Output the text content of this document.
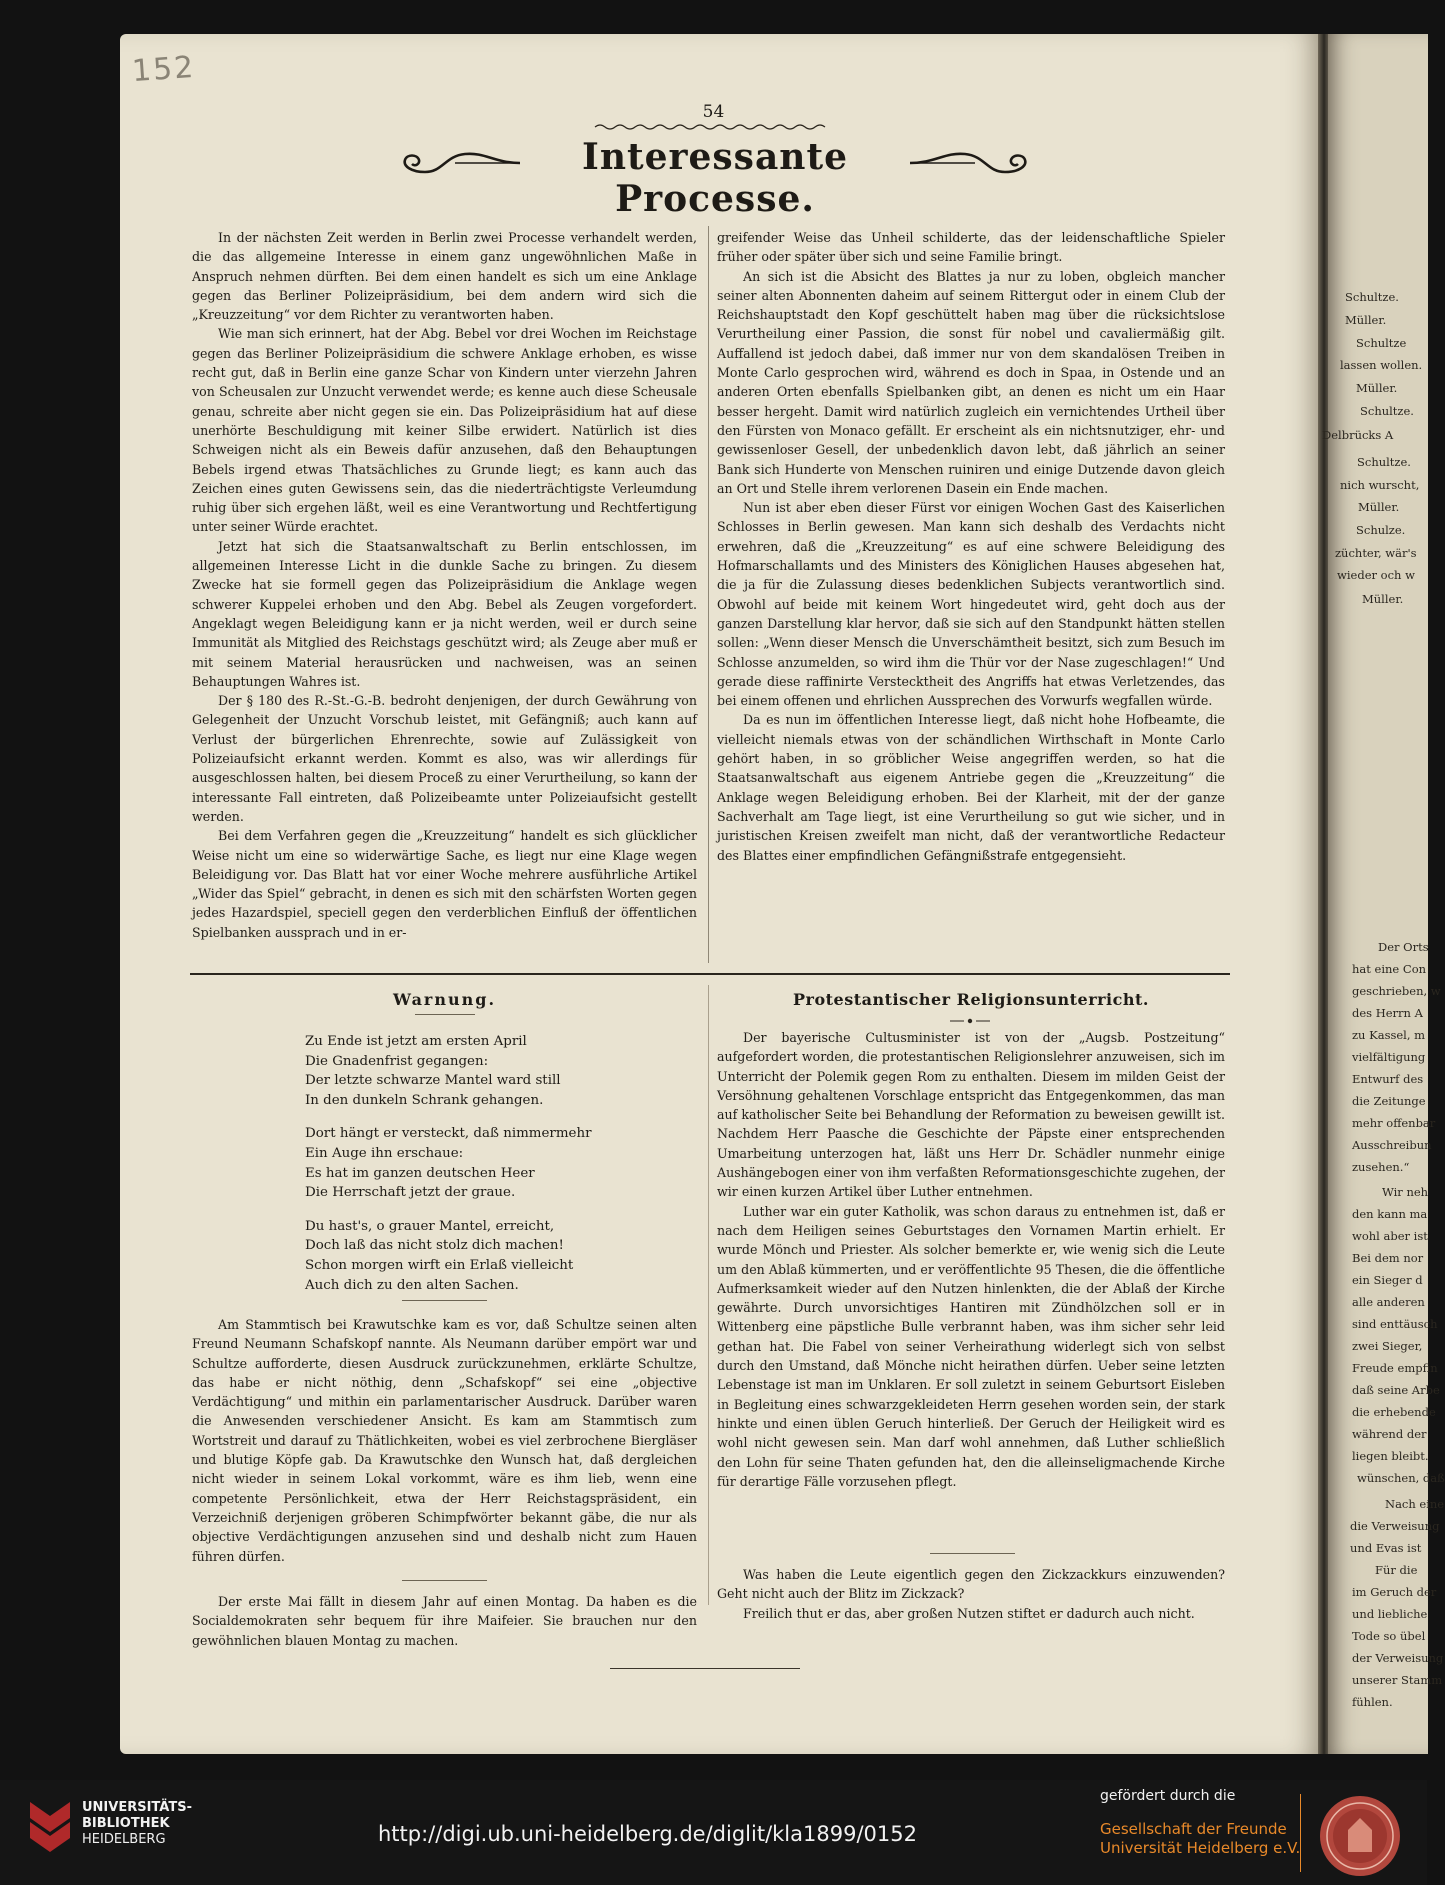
152
54
Interessante Processe.

In der nächsten Zeit werden in Berlin zwei Processe verhandelt werden, die das allgemeine Interesse in einem ganz ungewöhnlichen Maße in Anspruch nehmen dürften. Bei dem einen handelt es sich um eine Anklage gegen das Berliner Polizeipräsidium, bei dem andern wird sich die „Kreuzzeitung“ vor dem Richter zu verantworten haben.

Wie man sich erinnert, hat der Abg. Bebel vor drei Wochen im Reichstage gegen das Berliner Polizeipräsidium die schwere Anklage erhoben, es wisse recht gut, daß in Berlin eine ganze Schar von Kindern unter vierzehn Jahren von Scheusalen zur Unzucht verwendet werde; es kenne auch diese Scheusale genau, schreite aber nicht gegen sie ein. Das Polizeipräsidium hat auf diese unerhörte Beschuldigung mit keiner Silbe erwidert. Natürlich ist dies Schweigen nicht als ein Beweis dafür anzusehen, daß den Behauptungen Bebels irgend etwas Thatsächliches zu Grunde liegt; es kann auch das Zeichen eines guten Gewissens sein, das die niederträchtigste Verleumdung ruhig über sich ergehen läßt, weil es eine Verantwortung und Rechtfertigung unter seiner Würde erachtet.

Jetzt hat sich die Staatsanwaltschaft zu Berlin entschlossen, im allgemeinen Interesse Licht in die dunkle Sache zu bringen. Zu diesem Zwecke hat sie formell gegen das Polizeipräsidium die Anklage wegen schwerer Kuppelei erhoben und den Abg. Bebel als Zeugen vorgefordert. Angeklagt wegen Beleidigung kann er ja nicht werden, weil er durch seine Immunität als Mitglied des Reichstags geschützt wird; als Zeuge aber muß er mit seinem Material herausrücken und nachweisen, was an seinen Behauptungen Wahres ist.

Der § 180 des R.-St.-G.-B. bedroht denjenigen, der durch Gewährung von Gelegenheit der Unzucht Vorschub leistet, mit Gefängniß; auch kann auf Verlust der bürgerlichen Ehrenrechte, sowie auf Zulässigkeit von Polizeiaufsicht erkannt werden. Kommt es also, was wir allerdings für ausgeschlossen halten, bei diesem Proceß zu einer Verurtheilung, so kann der interessante Fall eintreten, daß Polizeibeamte unter Polizeiaufsicht gestellt werden.

Bei dem Verfahren gegen die „Kreuzzeitung“ handelt es sich glücklicher Weise nicht um eine so widerwärtige Sache, es liegt nur eine Klage wegen Beleidigung vor. Das Blatt hat vor einer Woche mehrere ausführliche Artikel „Wider das Spiel“ gebracht, in denen es sich mit den schärfsten Worten gegen jedes Hazardspiel, speciell gegen den verderblichen Einfluß der öffentlichen Spielbanken aussprach und in er-

greifender Weise das Unheil schilderte, das der leidenschaftliche Spieler früher oder später über sich und seine Familie bringt.

An sich ist die Absicht des Blattes ja nur zu loben, obgleich mancher seiner alten Abonnenten daheim auf seinem Rittergut oder in einem Club der Reichshauptstadt den Kopf geschüttelt haben mag über die rücksichtslose Verurtheilung einer Passion, die sonst für nobel und cavaliermäßig gilt. Auffallend ist jedoch dabei, daß immer nur von dem skandalösen Treiben in Monte Carlo gesprochen wird, während es doch in Spaa, in Ostende und an anderen Orten ebenfalls Spielbanken gibt, an denen es nicht um ein Haar besser hergeht. Damit wird natürlich zugleich ein vernichtendes Urtheil über den Fürsten von Monaco gefällt. Er erscheint als ein nichtsnutziger, ehr- und gewissenloser Gesell, der unbedenklich davon lebt, daß jährlich an seiner Bank sich Hunderte von Menschen ruiniren und einige Dutzende davon gleich an Ort und Stelle ihrem verlorenen Dasein ein Ende machen.

Nun ist aber eben dieser Fürst vor einigen Wochen Gast des Kaiserlichen Schlosses in Berlin gewesen. Man kann sich deshalb des Verdachts nicht erwehren, daß die „Kreuzzeitung“ es auf eine schwere Beleidigung des Hofmarschallamts und des Ministers des Königlichen Hauses abgesehen hat, die ja für die Zulassung dieses bedenklichen Subjects verantwortlich sind. Obwohl auf beide mit keinem Wort hingedeutet wird, geht doch aus der ganzen Darstellung klar hervor, daß sie sich auf den Standpunkt hätten stellen sollen: „Wenn dieser Mensch die Unverschämtheit besitzt, sich zum Besuch im Schlosse anzumelden, so wird ihm die Thür vor der Nase zugeschlagen!“ Und gerade diese raffinirte Verstecktheit des Angriffs hat etwas Verletzendes, das bei einem offenen und ehrlichen Aussprechen des Vorwurfs wegfallen würde.

Da es nun im öffentlichen Interesse liegt, daß nicht hohe Hofbeamte, die vielleicht niemals etwas von der schändlichen Wirthschaft in Monte Carlo gehört haben, in so gröblicher Weise angegriffen werden, so hat die Staatsanwaltschaft aus eigenem Antriebe gegen die „Kreuzzeitung“ die Anklage wegen Beleidigung erhoben. Bei der Klarheit, mit der der ganze Sachverhalt am Tage liegt, ist eine Verurtheilung so gut wie sicher, und in juristischen Kreisen zweifelt man nicht, daß der verantwortliche Redacteur des Blattes einer empfindlichen Gefängnißstrafe entgegensieht.

Warnung.
Zu Ende ist jetzt am ersten April
Die Gnadenfrist gegangen:
Der letzte schwarze Mantel ward still
In den dunkeln Schrank gehangen.
Dort hängt er versteckt, daß nimmermehr
Ein Auge ihn erschaue:
Es hat im ganzen deutschen Heer
Die Herrschaft jetzt der graue.
Du hast's, o grauer Mantel, erreicht,
Doch laß das nicht stolz dich machen!
Schon morgen wirft ein Erlaß vielleicht
Auch dich zu den alten Sachen.

Am Stammtisch bei Krawutschke kam es vor, daß Schultze seinen alten Freund Neumann Schafskopf nannte. Als Neumann darüber empört war und Schultze aufforderte, diesen Ausdruck zurückzunehmen, erklärte Schultze, das habe er nicht nöthig, denn „Schafskopf“ sei eine „objective Verdächtigung“ und mithin ein parlamentarischer Ausdruck. Darüber waren die Anwesenden verschiedener Ansicht. Es kam am Stammtisch zum Wortstreit und darauf zu Thätlichkeiten, wobei es viel zerbrochene Biergläser und blutige Köpfe gab. Da Krawutschke den Wunsch hat, daß dergleichen nicht wieder in seinem Lokal vorkommt, wäre es ihm lieb, wenn eine competente Persönlichkeit, etwa der Herr Reichstagspräsident, ein Verzeichniß derjenigen gröberen Schimpfwörter bekannt gäbe, die nur als objective Verdächtigungen anzusehen sind und deshalb nicht zum Hauen führen dürfen.

Der erste Mai fällt in diesem Jahr auf einen Montag. Da haben es die Socialdemokraten sehr bequem für ihre Maifeier. Sie brauchen nur den gewöhnlichen blauen Montag zu machen.

Protestantischer Religionsunterricht.

Der bayerische Cultusminister ist von der „Augsb. Postzeitung“ aufgefordert worden, die protestantischen Religionslehrer anzuweisen, sich im Unterricht der Polemik gegen Rom zu enthalten. Diesem im milden Geist der Versöhnung gehaltenen Vorschlage entspricht das Entgegenkommen, das man auf katholischer Seite bei Behandlung der Reformation zu beweisen gewillt ist. Nachdem Herr Paasche die Geschichte der Päpste einer entsprechenden Umarbeitung unterzogen hat, läßt uns Herr Dr. Schädler nunmehr einige Aushängebogen einer von ihm verfaßten Reformationsgeschichte zugehen, der wir einen kurzen Artikel über Luther entnehmen.

Luther war ein guter Katholik, was schon daraus zu entnehmen ist, daß er nach dem Heiligen seines Geburtstages den Vornamen Martin erhielt. Er wurde Mönch und Priester. Als solcher bemerkte er, wie wenig sich die Leute um den Ablaß kümmerten, und er veröffentlichte 95 Thesen, die die öffentliche Aufmerksamkeit wieder auf den Nutzen hinlenkten, die der Ablaß der Kirche gewährte. Durch unvorsichtiges Hantiren mit Zündhölzchen soll er in Wittenberg eine päpstliche Bulle verbrannt haben, was ihm sicher sehr leid gethan hat. Die Fabel von seiner Verheirathung widerlegt sich von selbst durch den Umstand, daß Mönche nicht heirathen dürfen. Ueber seine letzten Lebenstage ist man im Unklaren. Er soll zuletzt in seinem Geburtsort Eisleben in Begleitung eines schwarzgekleideten Herrn gesehen worden sein, der stark hinkte und einen üblen Geruch hinterließ. Der Geruch der Heiligkeit wird es wohl nicht gewesen sein. Man darf wohl annehmen, daß Luther schließlich den Lohn für seine Thaten gefunden hat, den die alleinseligmachende Kirche für derartige Fälle vorzusehen pflegt.

Was haben die Leute eigentlich gegen den Zickzackkurs einzuwenden? Geht nicht auch der Blitz im Zickzack?

Freilich thut er das, aber großen Nutzen stiftet er dadurch auch nicht.

Schultze.
Müller.
Schultze
lassen wollen.
Müller.
Schultze.
Delbrücks A
Schultze.
nich wurscht,
Müller.
Schulze.
züchter, wär's
wieder och w
Müller.
Der Orts
hat eine Con
geschrieben, w
des Herrn A
zu Kassel, m
vielfältigung
Entwurf des
die Zeitunge
mehr offenbar
Ausschreibun
zusehen.“
Wir neh
den kann ma
wohl aber ist
Bei dem nor
ein Sieger d
alle anderen
sind enttäusch
zwei Sieger,
Freude empfin
daß seine Arbe
die erhebende
während der
liegen bleibt.
wünschen, daß
Nach eine
die Verweisung
und Evas ist
Für die
im Geruch der
und liebliche
Tode so übel
der Verweisung
unserer Stamm
fühlen.
UNIVERSITÄTS-
BIBLIOTHEK
HEIDELBERG	http://digi.ub.uni-heidelberg.de/diglit/kla1899/0152
gefördert durch die
Gesellschaft der Freunde
Universität Heidelberg e.V.
